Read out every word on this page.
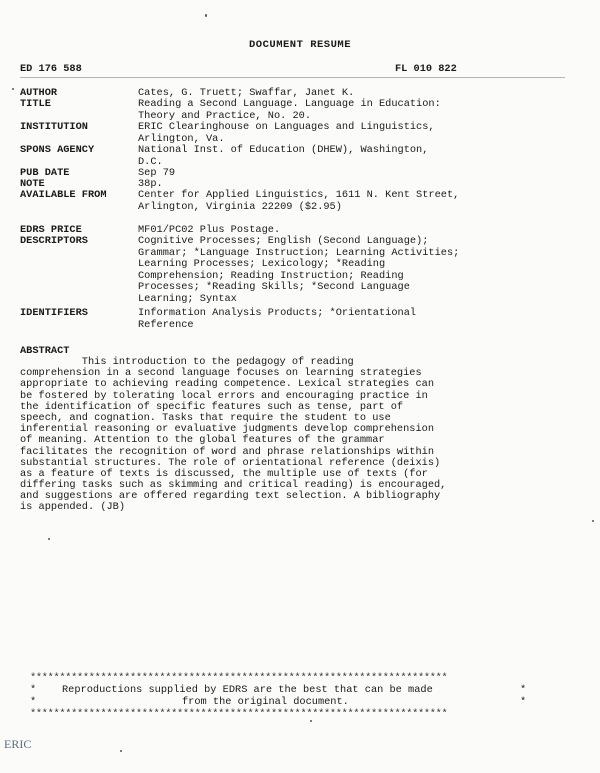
DOCUMENT RESUME
ED 176 588	FL 010 822
AUTHOR	Cates, G. Truett; Swaffar, Janet K.
TITLE	Reading a Second Language. Language in Education:
Theory and Practice, No. 20.
INSTITUTION	ERIC Clearinghouse on Languages and Linguistics,
Arlington, Va.
SPONS AGENCY	National Inst. of Education (DHEW), Washington,
D.C.
PUB DATE	Sep 79
NOTE	38p.
AVAILABLE FROM	Center for Applied Linguistics, 1611 N. Kent Street,
Arlington, Virginia 22209 ($2.95)
EDRS PRICE	MF01/PC02 Plus Postage.
DESCRIPTORS	Cognitive Processes; English (Second Language);
Grammar; *Language Instruction; Learning Activities;
Learning Processes; Lexicology; *Reading
Comprehension; Reading Instruction; Reading
Processes; *Reading Skills; *Second Language
Learning; Syntax
IDENTIFIERS	Information Analysis Products; *Orientational
Reference
ABSTRACT
This introduction to the pedagogy of reading
comprehension in a second language focuses on learning strategies
appropriate to achieving reading competence. Lexical strategies can
be fostered by tolerating local errors and encouraging practice in
the identification of specific features such as tense, part of
speech, and cognation. Tasks that require the student to use
inferential reasoning or evaluative judgments develop comprehension
of meaning. Attention to the global features of the grammar
facilitates the recognition of word and phrase relationships within
substantial structures. The role of orientational reference (deixis)
as a feature of texts is discussed, the multiple use of texts (for
differing tasks such as skimming and critical reading) is encouraged,
and suggestions are offered regarding text selection. A bibliography
is appended. (JB)
***********************************************************************
*	Reproductions supplied by EDRS are the best that can be made	*
*	from the original document.	*
***********************************************************************
ERIC
